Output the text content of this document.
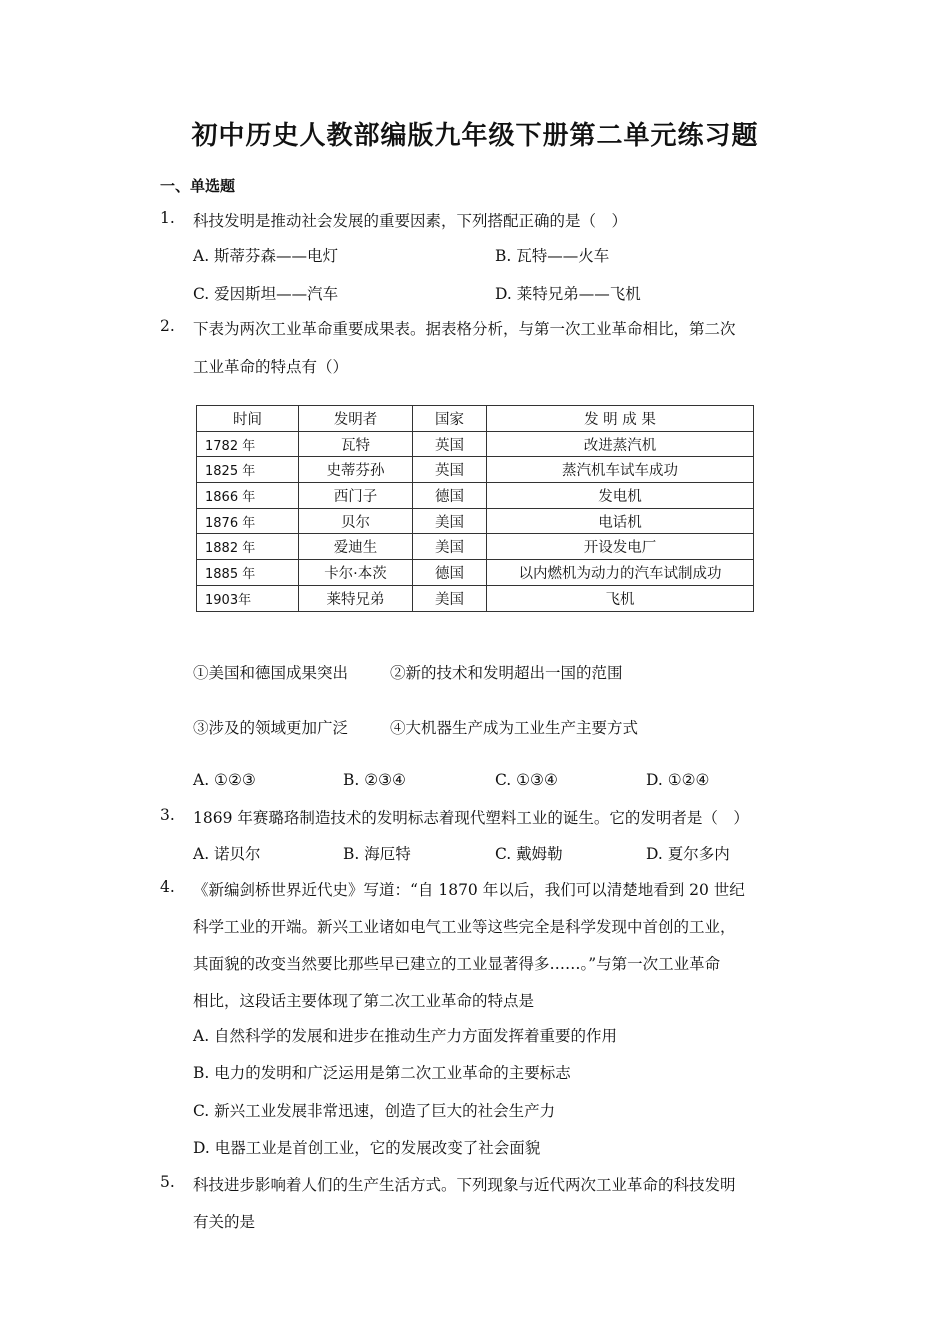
初中历史人教部编版九年级下册第二单元练习题
一、单选题
1. 科技发明是推动社会发展的重要因素，下列搭配正确的是（　）
A. 斯蒂芬森——电灯	B. 瓦特——火车
C. 爱因斯坦——汽车	D. 莱特兄弟——飞机
2. 下表为两次工业革命重要成果表。据表格分析，与第一次工业革命相比，第二次
工业革命的特点有（）
时间	发明者	国家	发 明 成 果
1782 年	瓦特	英国	改进蒸汽机
1825 年	史蒂芬孙	英国	蒸汽机车试车成功
1866 年	西门子	德国	发电机
1876 年	贝尔	美国	电话机
1882 年	爱迪生	美国	开设发电厂
1885 年	卡尔·本茨	德国	以内燃机为动力的汽车试制成功
1903年	莱特兄弟	美国	飞机
①美国和德国成果突出	②新的技术和发明超出一国的范围
③涉及的领域更加广泛	④大机器生产成为工业生产主要方式
A. ①②③	B. ②③④	C. ①③④	D. ①②④
3. 1869 年赛璐珞制造技术的发明标志着现代塑料工业的诞生。它的发明者是（　）
A. 诺贝尔	B. 海厄特	C. 戴姆勒	D. 夏尔多内
4. 《新编剑桥世界近代史》写道：“自 1870 年以后，我们可以清楚地看到 20 世纪
科学工业的开端。新兴工业诸如电气工业等这些完全是科学发现中首创的工业，
其面貌的改变当然要比那些早已建立的工业显著得多……。”与第一次工业革命
相比，这段话主要体现了第二次工业革命的特点是
A. 自然科学的发展和进步在推动生产力方面发挥着重要的作用
B. 电力的发明和广泛运用是第二次工业革命的主要标志
C. 新兴工业发展非常迅速，创造了巨大的社会生产力
D. 电器工业是首创工业，它的发展改变了社会面貌
5. 科技进步影响着人们的生产生活方式。下列现象与近代两次工业革命的科技发明
有关的是
